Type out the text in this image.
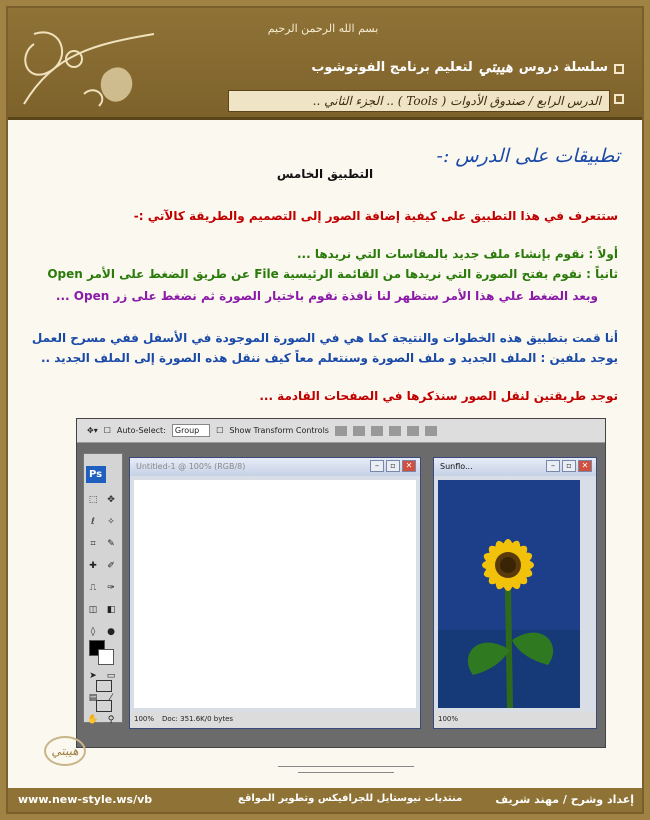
بسم الله الرحمن الرحيم
سلسلة دروس
هيبتي
لتعليم برنامج الفوتوشوب
الدرس الرابع / صندوق الأدوات ( Tools ) .. الجزء الثاني ..
تطبيقات على الدرس :-
التطبيق الخامس
ستتعرف في هذا التطبيق على كيفية إضافة الصور إلى التصميم والطريقة كالآتي :-
أولاً : نقوم بإنشاء ملف جديد بالمقاسات التي نريدها ...
ثانياً : نقوم بفتح الصورة التي نريدها من القائمة الرئيسية File عن طريق الضغط على الأمر Open
وبعد الضغط علي هذا الأمر ستظهر لنا نافذة نقوم باختيار الصورة ثم نضغط على زر Open ...
أنا قمت بتطبيق هذه الخطوات والنتيجة كما هي في الصورة الموجودة في الأسفل ففي مسرح العمل
يوجد ملفين : الملف الجديد و ملف الصورة وسنتعلم معاً كيف ننقل هذه الصورة إلى الملف الجديد ..
توجد طريقتين لنقل الصور سنذكرها في الصفحات القادمة ...
✥▾ ☐ Auto-Select:	Group	☐ Show Transform Controls
Ps
⬚ ✥ ℓ ✧ ⌗ ✎ ✚ ✐ ⎍ ✑ ◫ ◧ ◊ ●  ➤ ▭ ▤ ⁄ ✋ ⚲
Untitled-1 @ 100% (RGB/8)	–	▫	✕
100% Doc: 351.6K/0 bytes
Sunflo...	–	▫	✕
100%
هيبتي
www.new-style.ws/vb	منتديات نيوستايل للجرافيكس وتطوير المواقع	إعداد وشرح / مهند شريف
